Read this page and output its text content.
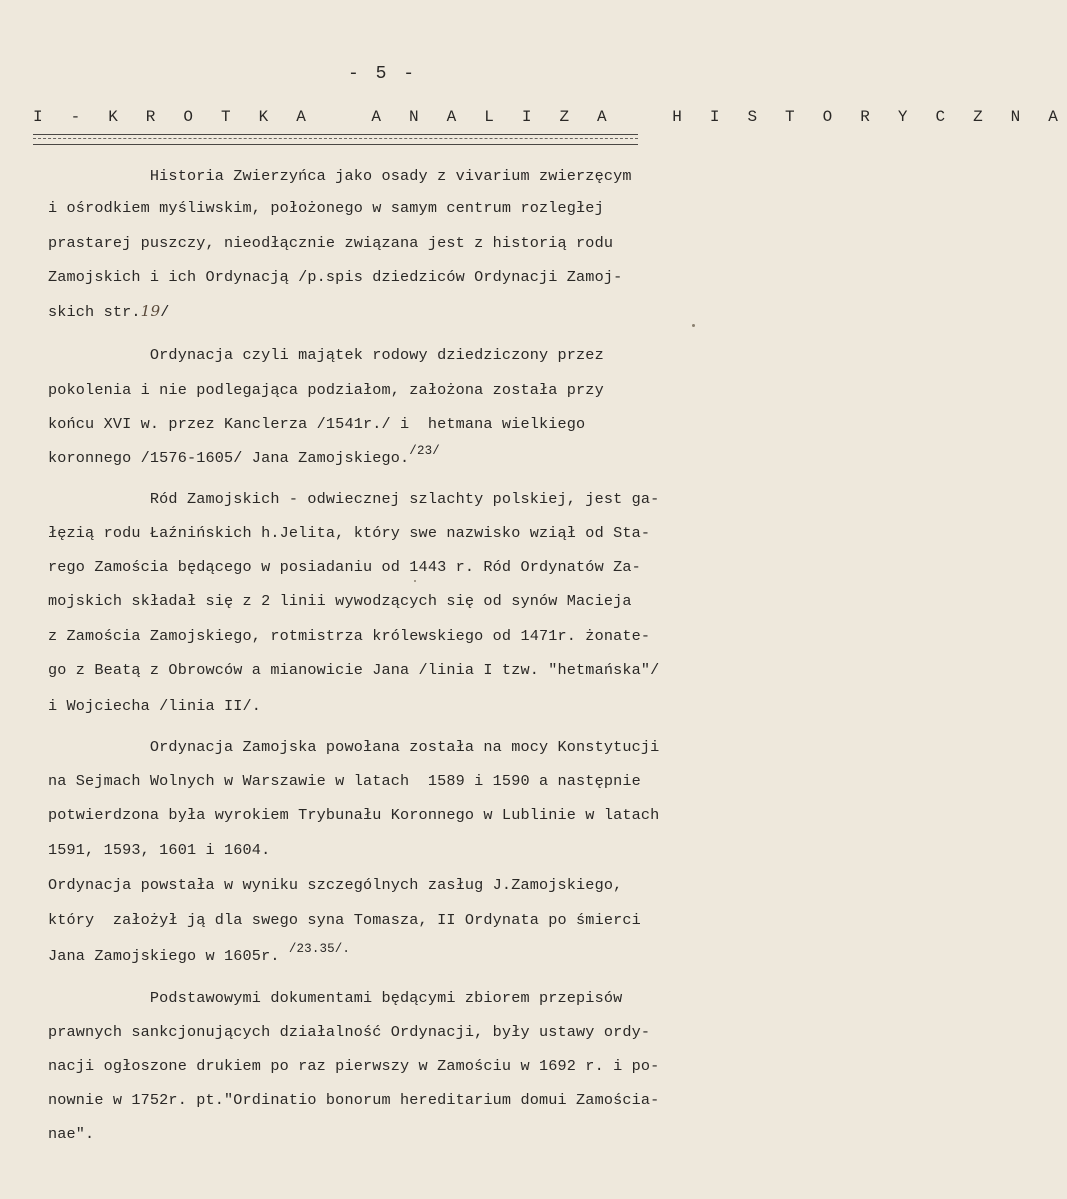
- 5 -
I - K R O T K A   A N A L I Z A   H I S T O R Y C Z N A
Historia Zwierzyńca jako osady z vivarium zwierzęcym
i ośrodkiem myśliwskim, położonego w samym centrum rozległej
prastarej puszczy, nieodłącznie związana jest z historią rodu
Zamojskich i ich Ordynacją /p.spis dziedziców Ordynacji Zamoj-
skich str.19/
Ordynacja czyli majątek rodowy dziedziczony przez
pokolenia i nie podlegająca podziałom, założona została przy
końcu XVI w. przez Kanclerza /1541r./ i  hetmana wielkiego
koronnego /1576-1605/ Jana Zamojskiego.$^{/23/}$
Ród Zamojskich - odwiecznej szlachty polskiej, jest ga-
łęzią rodu Łaźnińskich h.Jelita, który swe nazwisko wziął od Sta-
rego Zamościa będącego w posiadaniu od 1443 r. Ród Ordynatów Za-
mojskich składał się z 2 linii wywodzących się od synów Macieja
z Zamościa Zamojskiego, rotmistrza królewskiego od 1471r. żonate-
go z Beatą z Obrowców a mianowicie Jana /linia I tzw. "hetmańska"/
i Wojciecha /linia II/.
Ordynacja Zamojska powołana została na mocy Konstytucji
na Sejmach Wolnych w Warszawie w latach  1589 i 1590 a następnie
potwierdzona była wyrokiem Trybunału Koronnego w Lublinie w latach
1591, 1593, 1601 i 1604.
Ordynacja powstała w wyniku szczególnych zasług J.Zamojskiego,
który  założył ją dla swego syna Tomasza, II Ordynata po śmierci
Jana Zamojskiego w 1605r. $^{/23.35/.}$
Podstawowymi dokumentami będącymi zbiorem przepisów
prawnych sankcjonujących działalność Ordynacji, były ustawy ordy-
nacji ogłoszone drukiem po raz pierwszy w Zamościu w 1692 r. i po-
nownie w 1752r. pt."Ordinatio bonorum hereditarium domui Zamościa-
nae".
